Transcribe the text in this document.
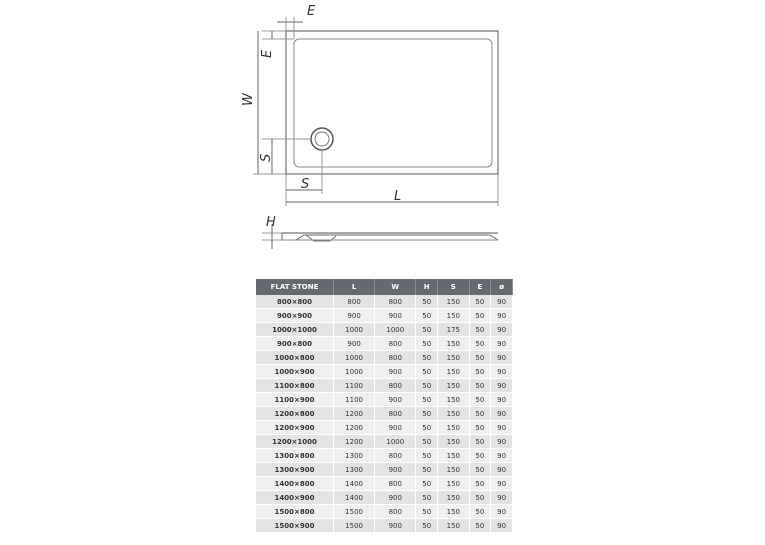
E
E
W
S
S
L
H
FLAT STONE	L	W	H	S	E	ø
800×800	800	800	50	150	50	90
900×900	900	900	50	150	50	90
1000×1000	1000	1000	50	175	50	90
900×800	900	800	50	150	50	90
1000×800	1000	800	50	150	50	90
1000×900	1000	900	50	150	50	90
1100×800	1100	800	50	150	50	90
1100×900	1100	900	50	150	50	90
1200×800	1200	800	50	150	50	90
1200×900	1200	900	50	150	50	90
1200×1000	1200	1000	50	150	50	90
1300×800	1300	800	50	150	50	90
1300×900	1300	900	50	150	50	90
1400×800	1400	800	50	150	50	90
1400×900	1400	900	50	150	50	90
1500×800	1500	800	50	150	50	90
1500×900	1500	900	50	150	50	90
